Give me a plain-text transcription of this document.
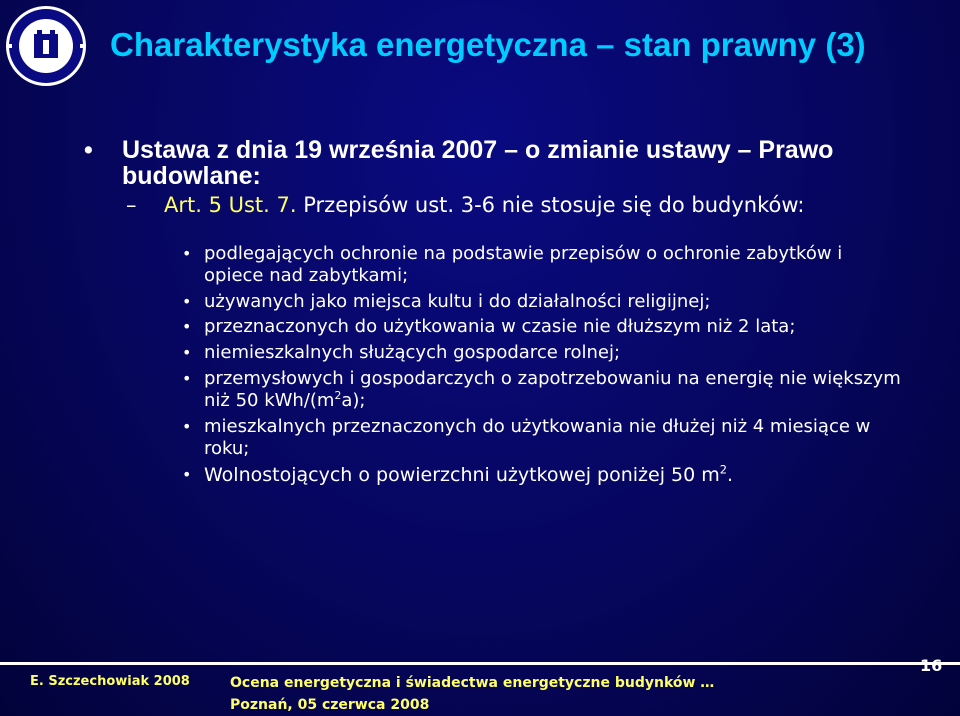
Charakterystyka energetyczna – stan prawny (3)
• Ustawa z dnia 19 września 2007 – o zmianie ustawy – Prawo budowlane:
– Art. 5 Ust. 7. Przepisów ust. 3-6 nie stosuje się do budynków:
• podlegających ochronie na podstawie przepisów o ochronie zabytków i opiece nad zabytkami;
• używanych jako miejsca kultu i do działalności religijnej;
• przeznaczonych do użytkowania w czasie nie dłuższym niż 2 lata;
• niemieszkalnych służących gospodarce rolnej;
• przemysłowych i gospodarczych o zapotrzebowaniu na energię nie większym niż 50 kWh/$(m^2a)$;
• mieszkalnych przeznaczonych do użytkowania nie dłużej niż 4 miesiące w roku;
• Wolnostojących o powierzchni użytkowej poniżej 50 $m^2$.
E. Szczechowiak 2008	Ocena energetyczna i świadectwa energetyczne budynków …
Poznań, 05 czerwca 2008
16
